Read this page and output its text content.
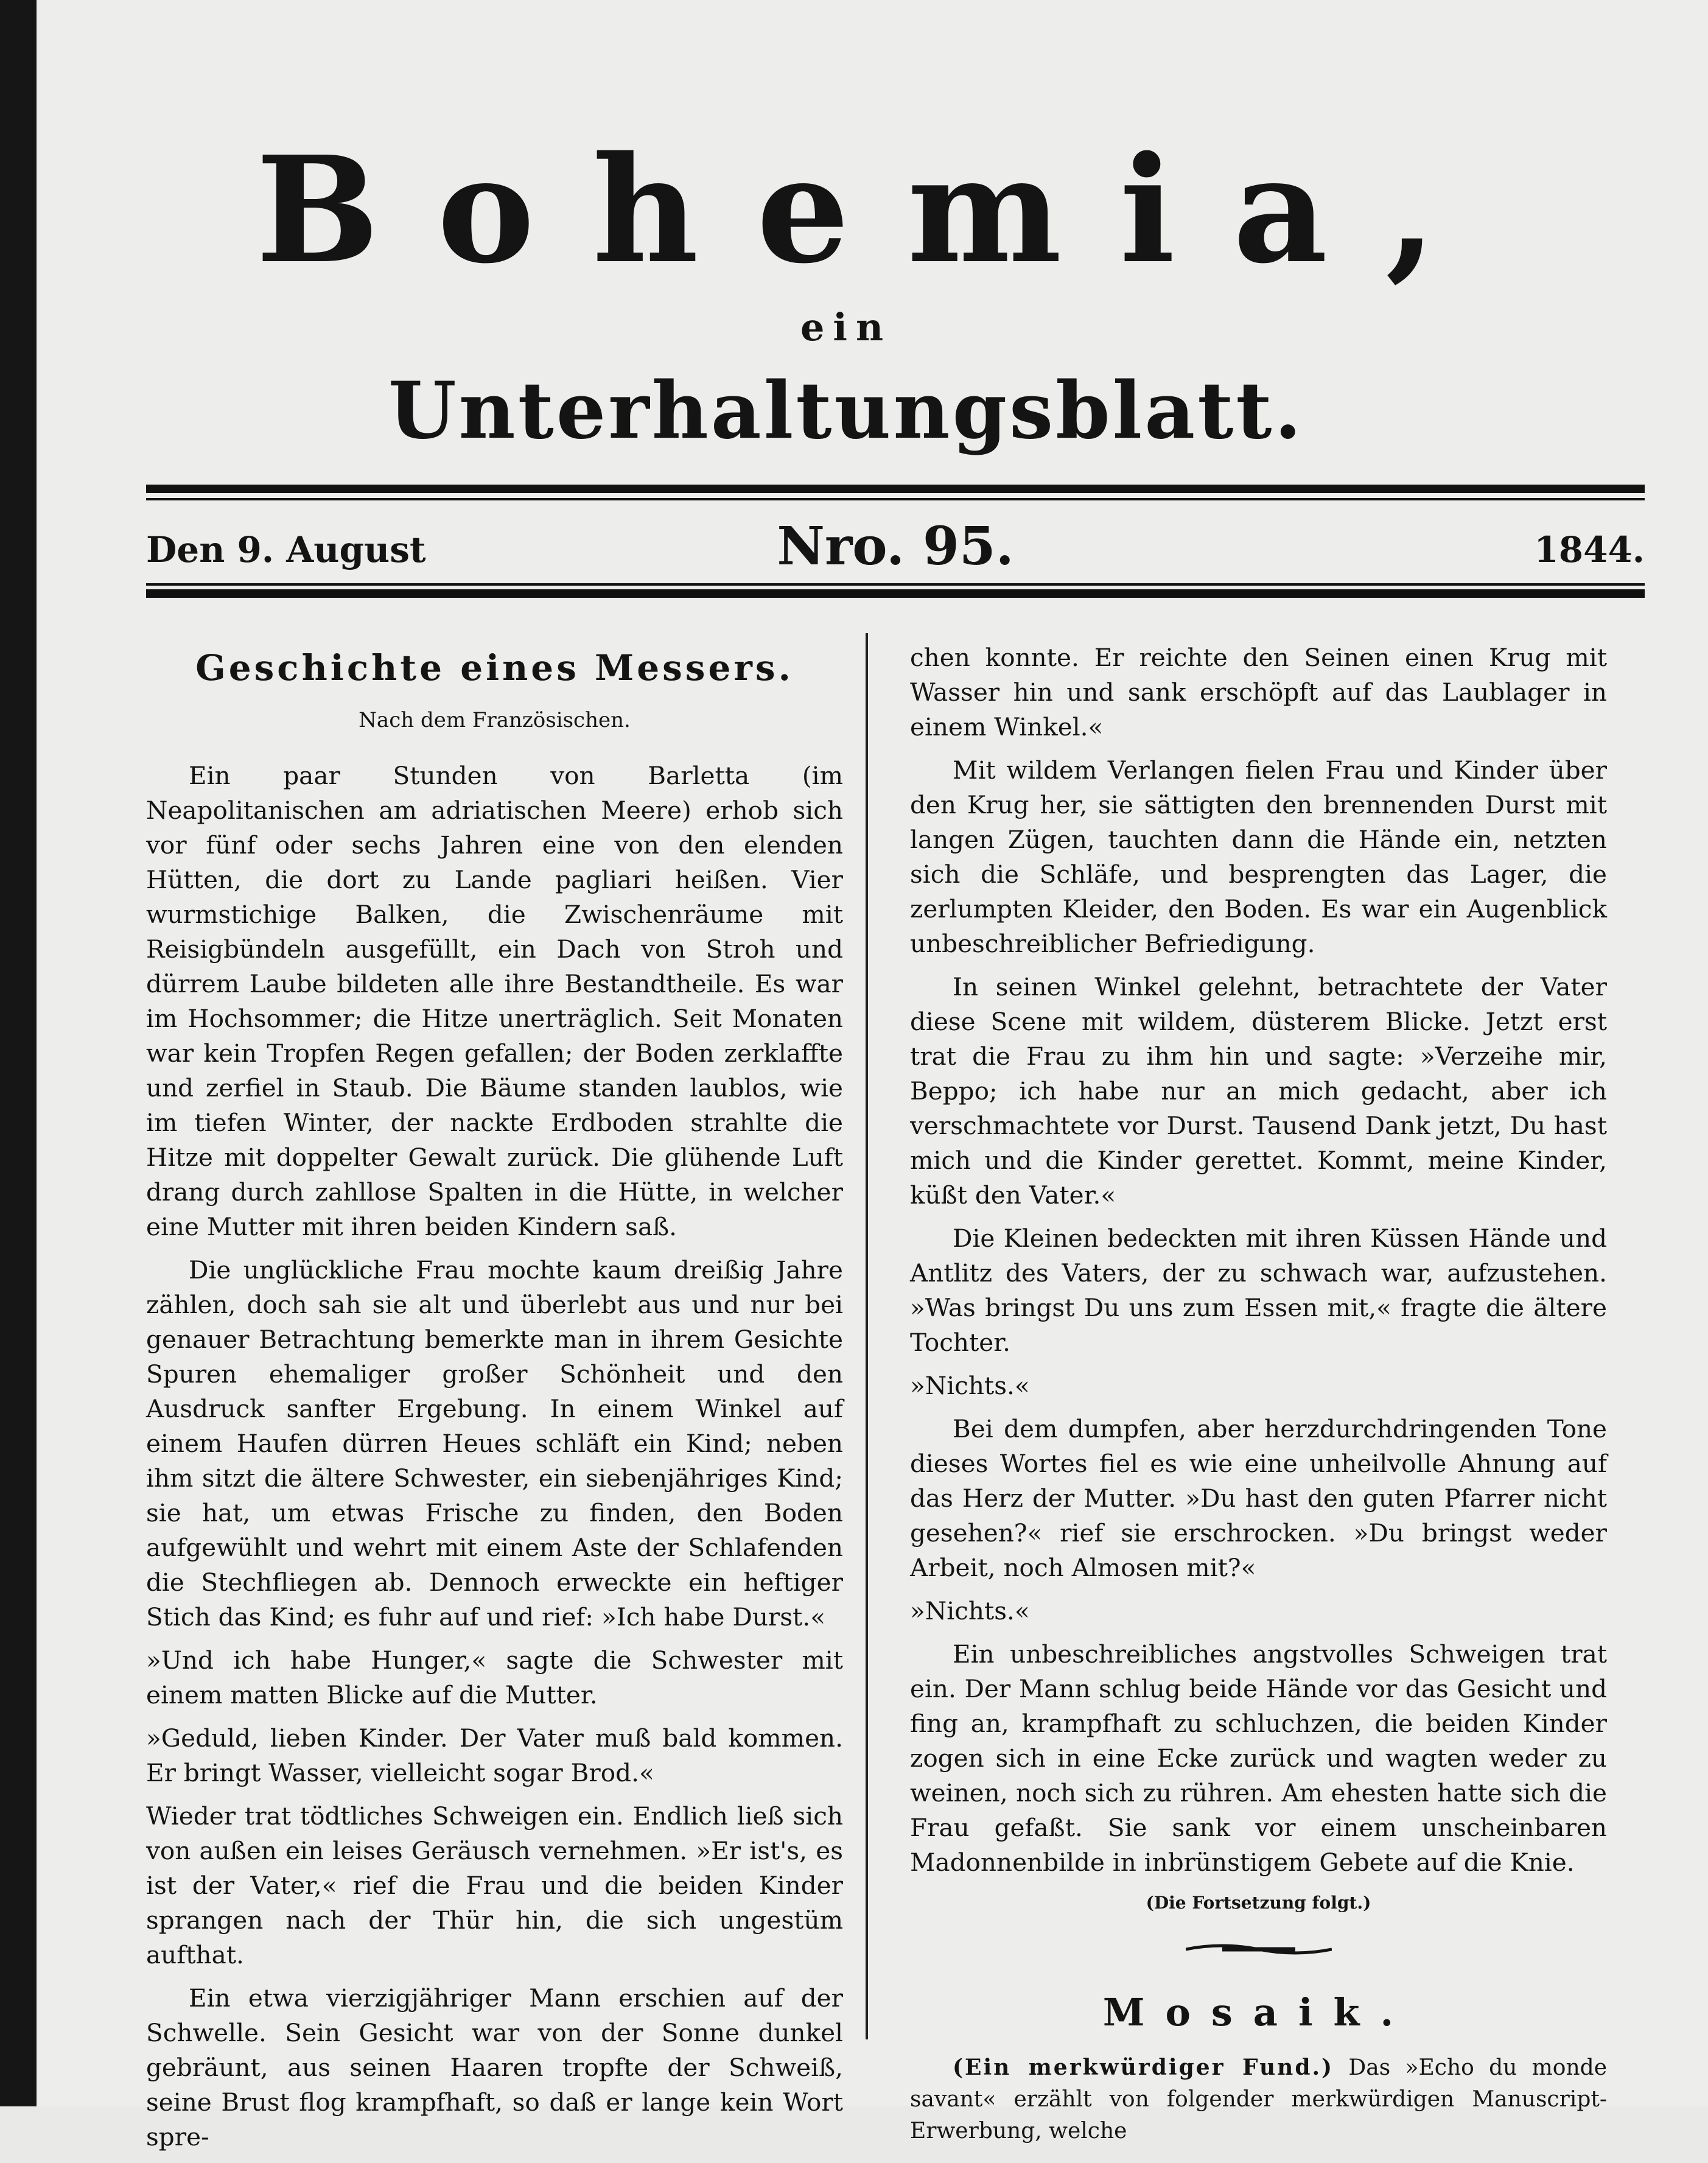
Bohemia,
ein
Unterhaltungsblatt.
Den 9. August	Nro. 95.	1844.
Geschichte eines Messers.
Nach dem Französischen.

Ein paar Stunden von Barletta (im Neapolitanischen am adriatischen Meere) erhob sich vor fünf oder sechs Jahren eine von den elenden Hütten, die dort zu Lande pagliari heißen. Vier wurmstichige Balken, die Zwischenräume mit Reisigbündeln ausgefüllt, ein Dach von Stroh und dürrem Laube bildeten alle ihre Bestandtheile. Es war im Hochsommer; die Hitze unerträglich. Seit Monaten war kein Tropfen Regen gefallen; der Boden zerklaffte und zerfiel in Staub. Die Bäume standen laublos, wie im tiefen Winter, der nackte Erdboden strahlte die Hitze mit doppelter Gewalt zurück. Die glühende Luft drang durch zahllose Spalten in die Hütte, in welcher eine Mutter mit ihren beiden Kindern saß.

Die unglückliche Frau mochte kaum dreißig Jahre zählen, doch sah sie alt und überlebt aus und nur bei genauer Betrachtung bemerkte man in ihrem Gesichte Spuren ehemaliger großer Schönheit und den Ausdruck sanfter Ergebung. In einem Winkel auf einem Haufen dürren Heues schläft ein Kind; neben ihm sitzt die ältere Schwester, ein siebenjähriges Kind; sie hat, um etwas Frische zu finden, den Boden aufgewühlt und wehrt mit einem Aste der Schlafenden die Stechfliegen ab. Dennoch erweckte ein heftiger Stich das Kind; es fuhr auf und rief: »Ich habe Durst.«

»Und ich habe Hunger,« sagte die Schwester mit einem matten Blicke auf die Mutter.

»Geduld, lieben Kinder. Der Vater muß bald kommen. Er bringt Wasser, vielleicht sogar Brod.«

Wieder trat tödtliches Schweigen ein. Endlich ließ sich von außen ein leises Geräusch vernehmen. »Er ist's, es ist der Vater,« rief die Frau und die beiden Kinder sprangen nach der Thür hin, die sich ungestüm aufthat.

Ein etwa vierzigjähriger Mann erschien auf der Schwelle. Sein Gesicht war von der Sonne dunkel gebräunt, aus seinen Haaren tropfte der Schweiß, seine Brust flog krampfhaft, so daß er lange kein Wort spre-

chen konnte. Er reichte den Seinen einen Krug mit Wasser hin und sank erschöpft auf das Laublager in einem Winkel.«

Mit wildem Verlangen fielen Frau und Kinder über den Krug her, sie sättigten den brennenden Durst mit langen Zügen, tauchten dann die Hände ein, netzten sich die Schläfe, und besprengten das Lager, die zerlumpten Kleider, den Boden. Es war ein Augenblick unbeschreiblicher Befriedigung.

In seinen Winkel gelehnt, betrachtete der Vater diese Scene mit wildem, düsterem Blicke. Jetzt erst trat die Frau zu ihm hin und sagte: »Verzeihe mir, Beppo; ich habe nur an mich gedacht, aber ich verschmachtete vor Durst. Tausend Dank jetzt, Du hast mich und die Kinder gerettet. Kommt, meine Kinder, küßt den Vater.«

Die Kleinen bedeckten mit ihren Küssen Hände und Antlitz des Vaters, der zu schwach war, aufzustehen. »Was bringst Du uns zum Essen mit,« fragte die ältere Tochter.

»Nichts.«

Bei dem dumpfen, aber herzdurchdringenden Tone dieses Wortes fiel es wie eine unheilvolle Ahnung auf das Herz der Mutter. »Du hast den guten Pfarrer nicht gesehen?« rief sie erschrocken. »Du bringst weder Arbeit, noch Almosen mit?«

»Nichts.«

Ein unbeschreibliches angstvolles Schweigen trat ein. Der Mann schlug beide Hände vor das Gesicht und fing an, krampfhaft zu schluchzen, die beiden Kinder zogen sich in eine Ecke zurück und wagten weder zu weinen, noch sich zu rühren. Am ehesten hatte sich die Frau gefaßt. Sie sank vor einem unscheinbaren Madonnenbilde in inbrünstigem Gebete auf die Knie.

(Die Fortsetzung folgt.)
Mosaik.

(Ein merkwürdiger Fund.) Das »Echo du monde savant« erzählt von folgender merkwürdigen Manuscript-Erwerbung, welche
